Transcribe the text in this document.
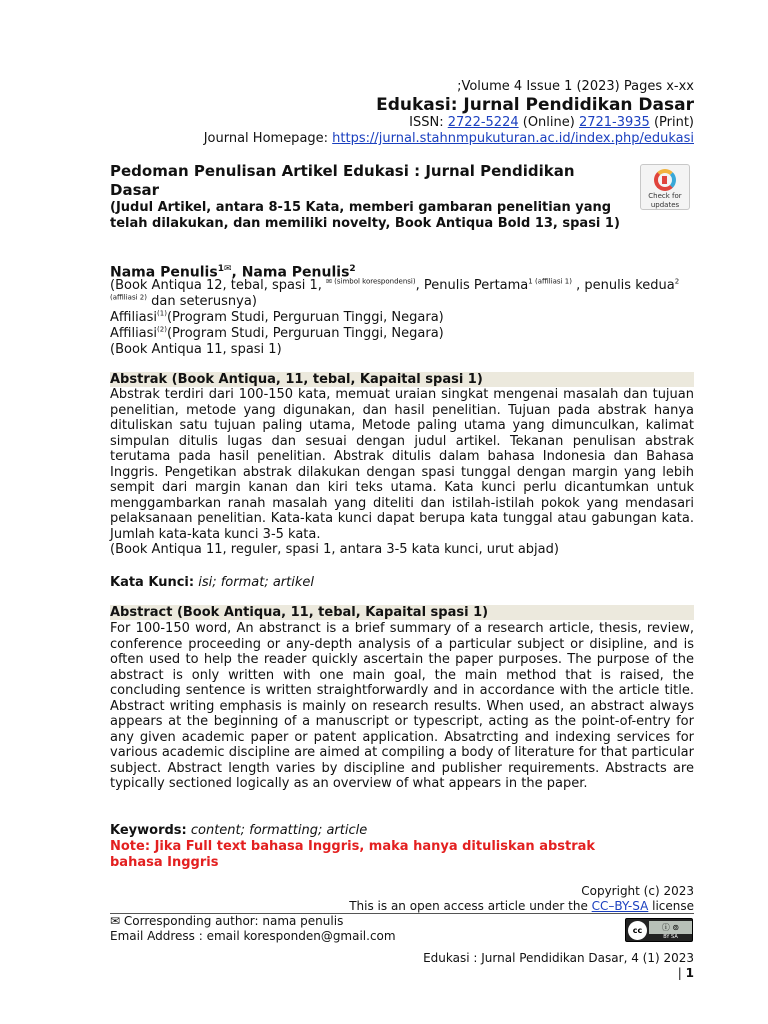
;Volume 4 Issue 1 (2023) Pages x-xx
Edukasi: Jurnal Pendidikan Dasar
ISSN: 2722-5224 (Online) 2721-3935 (Print)
Journal Homepage: https://jurnal.stahnmpukuturan.ac.id/index.php/edukasi
Pedoman Penulisan Artikel Edukasi : Jurnal Pendidikan Dasar
(Judul Artikel, antara 8-15 Kata, memberi gambaran penelitian yang telah dilakukan, dan memiliki novelty, Book Antiqua Bold 13, spasi 1)
Check for
updates
Nama Penulis$^{1✉}$, Nama Penulis$^2$
(Book Antiqua 12, tebal, spasi 1, $^{✉ (simbol korespondensi)}$, Penulis Pertama$^{1 (affiliasi 1)}$ , penulis kedua$^{2 (affiliasi 2)}$ dan seterusnya)
Affiliasi$^{(1)}$(Program Studi, Perguruan Tinggi, Negara)
Affiliasi$^{(2)}$(Program Studi, Perguruan Tinggi, Negara)
(Book Antiqua 11, spasi 1)
Abstrak (Book Antiqua, 11, tebal, Kapaital spasi 1)
Abstrak terdiri dari 100-150 kata, memuat uraian singkat mengenai masalah dan tujuan penelitian, metode yang digunakan, dan hasil penelitian. Tujuan pada abstrak hanya dituliskan satu tujuan paling utama, Metode paling utama yang dimunculkan, kalimat simpulan ditulis lugas dan sesuai dengan judul artikel. Tekanan penulisan abstrak terutama pada hasil penelitian. Abstrak ditulis dalam bahasa Indonesia dan Bahasa Inggris. Pengetikan abstrak dilakukan dengan spasi tunggal dengan margin yang lebih sempit dari margin kanan dan kiri teks utama. Kata kunci perlu dicantumkan untuk menggambarkan ranah masalah yang diteliti dan istilah-istilah pokok yang mendasari pelaksanaan penelitian. Kata-kata kunci dapat berupa kata tunggal atau gabungan kata. Jumlah kata-kata kunci 3-5 kata.
(Book Antiqua 11, reguler, spasi 1, antara 3-5 kata kunci, urut abjad)
Kata Kunci: isi; format; artikel
Abstract (Book Antiqua, 11, tebal, Kapaital spasi 1)
For 100-150 word, An abstranct is a brief summary of a research article, thesis, review, conference proceeding or any-depth analysis of a particular subject or disipline, and is often used to help the reader quickly ascertain the paper purposes. The purpose of the abstract is only written with one main goal, the main method that is raised, the concluding sentence is written straightforwardly and in accordance with the article title. Abstract writing emphasis is mainly on research results. When used, an abstract always appears at the beginning of a manuscript or typescript, acting as the point-of-entry for any given academic paper or patent application. Absatrcting and indexing services for various academic discipline are aimed at compiling a body of literature for that particular subject. Abstract length varies by discipline and publisher requirements. Abstracts are typically sectioned logically as an overview of what appears in the paper.
Keywords: content; formatting; article
Note: Jika Full text bahasa Inggris, maka hanya dituliskan abstrak bahasa Inggris
Copyright (c) 2023
This is an open access article under the CC–BY-SA license
✉ Corresponding author: nama penulis
Email Address : email koresponden@gmail.com	cc	ⓘ ⊚
BY SA
Edukasi : Jurnal Pendidikan Dasar, 4 (1) 2023
| 1
